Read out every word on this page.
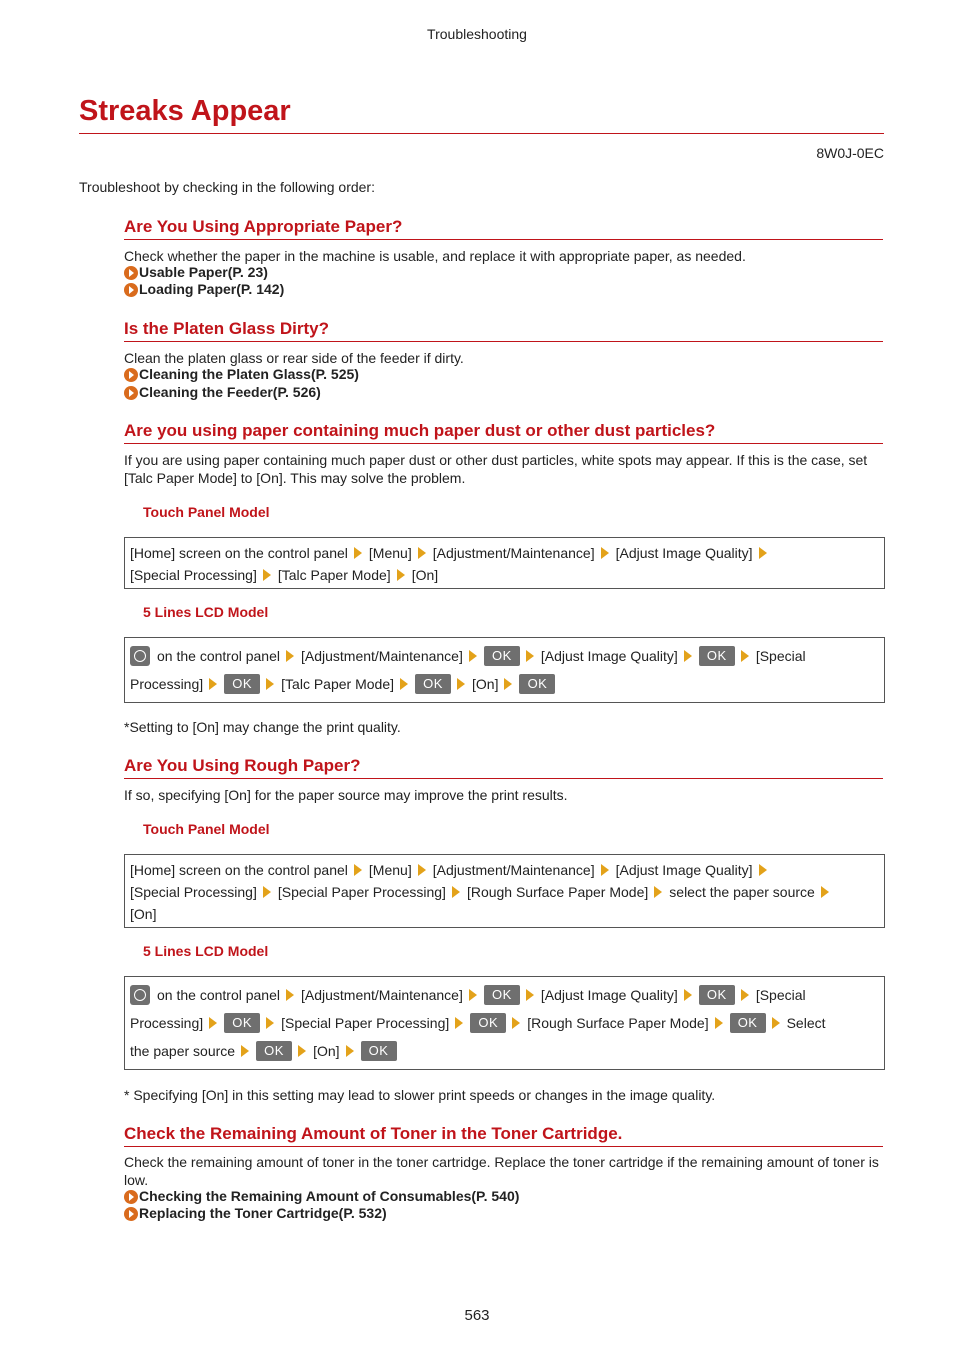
Troubleshooting
Streaks Appear
8W0J-0EC
Troubleshoot by checking in the following order:
Are You Using Appropriate Paper?

Check whether the paper in the machine is usable, and replace it with appropriate paper, as needed.

Usable Paper(P. 23)
Loading Paper(P. 142)
Is the Platen Glass Dirty?

Clean the platen glass or rear side of the feeder if dirty.

Cleaning the Platen Glass(P. 525)
Cleaning the Feeder(P. 526)
Are you using paper containing much paper dust or other dust particles?

If you are using paper containing much paper dust or other dust particles, white spots may appear. If this is the case, set [Talc Paper Mode] to [On]. This may solve the problem.

Touch Panel Model
[Home] screen on the control panel [Menu] [Adjustment/Maintenance] [Adjust Image Quality]
[Special Processing] [Talc Paper Mode] [On]
5 Lines LCD Model
on the control panel [Adjustment/Maintenance]	OK	[Adjust Image Quality]	OK	[Special
Processing]	OK	[Talc Paper Mode]	OK	[On]	OK

*Setting to [On] may change the print quality.

Are You Using Rough Paper?

If so, specifying [On] for the paper source may improve the print results.

Touch Panel Model
[Home] screen on the control panel [Menu] [Adjustment/Maintenance] [Adjust Image Quality]
[Special Processing] [Special Paper Processing] [Rough Surface Paper Mode] select the paper source
[On]
5 Lines LCD Model
on the control panel [Adjustment/Maintenance]	OK	[Adjust Image Quality]	OK	[Special
Processing]	OK	[Special Paper Processing]	OK	[Rough Surface Paper Mode]	OK	Select
the paper source	OK	[On]	OK

* Specifying [On] in this setting may lead to slower print speeds or changes in the image quality.

Check the Remaining Amount of Toner in the Toner Cartridge.

Check the remaining amount of toner in the toner cartridge. Replace the toner cartridge if the remaining amount of toner is low.

Checking the Remaining Amount of Consumables(P. 540)
Replacing the Toner Cartridge(P. 532)
563
